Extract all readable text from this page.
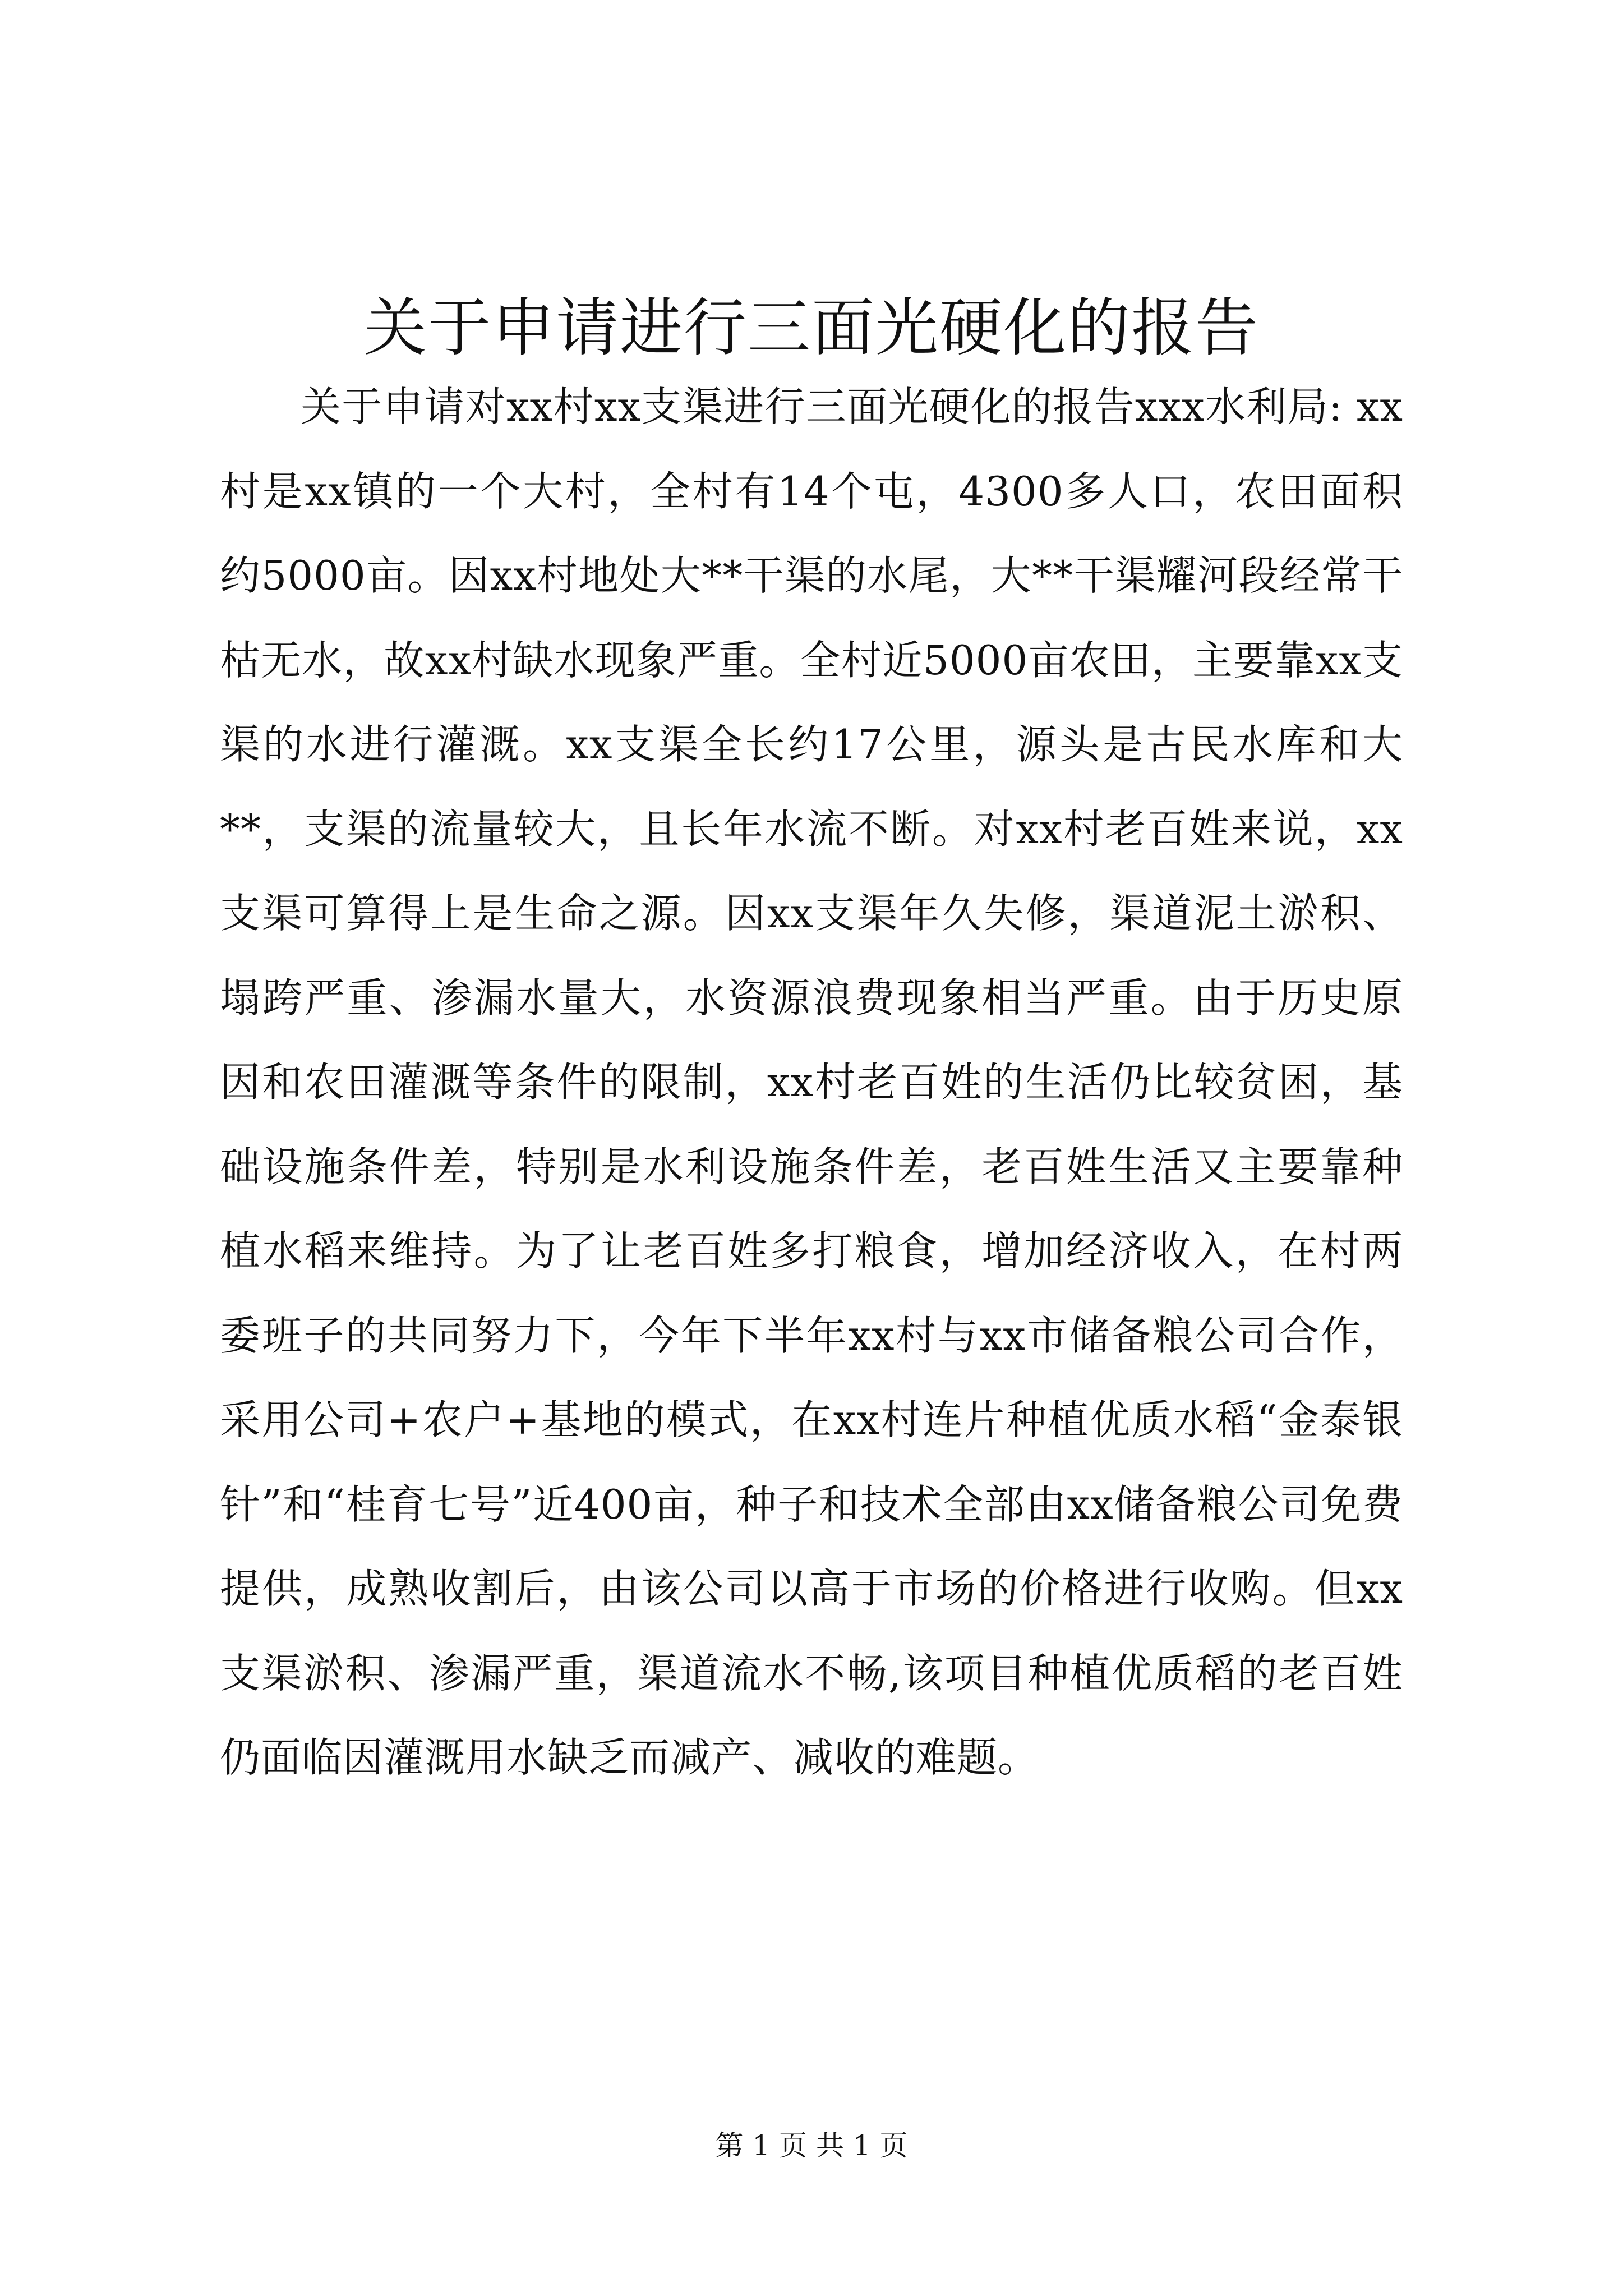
关于申请进行三面光硬化的报告

关于申请对xx村xx支渠进行三面光硬化的报告xxx水利局: xx村是xx镇的一个大村，全村有14个屯，4300多人口，农田面积约5000亩。因xx村地处大**干渠的水尾，大**干渠耀河段经常干枯无水，故xx村缺水现象严重。全村近5000亩农田，主要靠xx支渠的水进行灌溉。xx支渠全长约17公里，源头是古民水库和大**，支渠的流量较大，且长年水流不断。对xx村老百姓来说，xx支渠可算得上是生命之源。因xx支渠年久失修，渠道泥土淤积、塌跨严重、渗漏水量大，水资源浪费现象相当严重。由于历史原因和农田灌溉等条件的限制，xx村老百姓的生活仍比较贫困，基础设施条件差，特别是水利设施条件差，老百姓生活又主要靠种植水稻来维持。为了让老百姓多打粮食，增加经济收入，在村两委班子的共同努力下，今年下半年xx村与xx市储备粮公司合作，采用公司+农户+基地的模式，在xx村连片种植优质水稻“金泰银针”和“桂育七号”近400亩，种子和技术全部由xx储备粮公司免费提供，成熟收割后，由该公司以高于市场的价格进行收购。但xx支渠淤积、渗漏严重，渠道流水不畅,该项目种植优质稻的老百姓仍面临因灌溉用水缺乏而减产、减收的难题。

第 1 页 共 1 页
